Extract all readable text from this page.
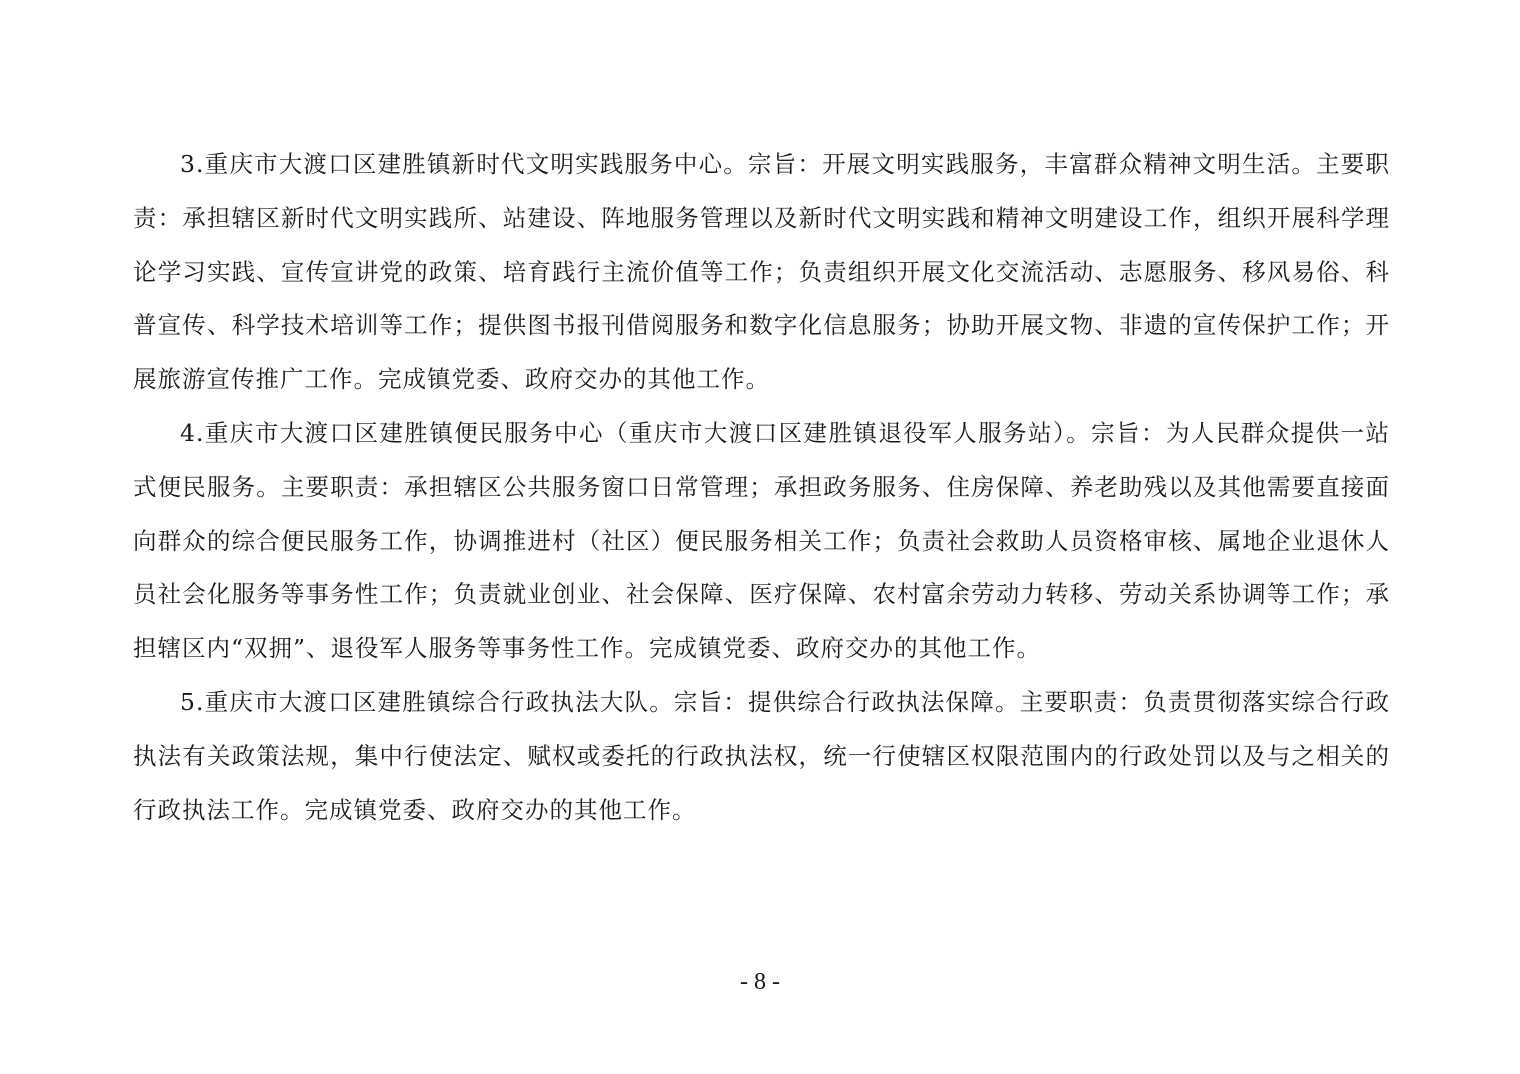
3.重庆市大渡口区建胜镇新时代文明实践服务中心。宗旨：开展文明实践服务，丰富群众精神文明生活。主要职责：承担辖区新时代文明实践所、站建设、阵地服务管理以及新时代文明实践和精神文明建设工作，组织开展科学理论学习实践、宣传宣讲党的政策、培育践行主流价值等工作；负责组织开展文化交流活动、志愿服务、移风易俗、科普宣传、科学技术培训等工作；提供图书报刊借阅服务和数字化信息服务；协助开展文物、非遗的宣传保护工作；开展旅游宣传推广工作。完成镇党委、政府交办的其他工作。

4.重庆市大渡口区建胜镇便民服务中心（重庆市大渡口区建胜镇退役军人服务站）。宗旨：为人民群众提供一站式便民服务。主要职责：承担辖区公共服务窗口日常管理；承担政务服务、住房保障、养老助残以及其他需要直接面向群众的综合便民服务工作，协调推进村（社区）便民服务相关工作；负责社会救助人员资格审核、属地企业退休人员社会化服务等事务性工作；负责就业创业、社会保障、医疗保障、农村富余劳动力转移、劳动关系协调等工作；承担辖区内“双拥”、退役军人服务等事务性工作。完成镇党委、政府交办的其他工作。

5.重庆市大渡口区建胜镇综合行政执法大队。宗旨：提供综合行政执法保障。主要职责：负责贯彻落实综合行政执法有关政策法规，集中行使法定、赋权或委托的行政执法权，统一行使辖区权限范围内的行政处罚以及与之相关的行政执法工作。完成镇党委、政府交办的其他工作。

- 8 -
